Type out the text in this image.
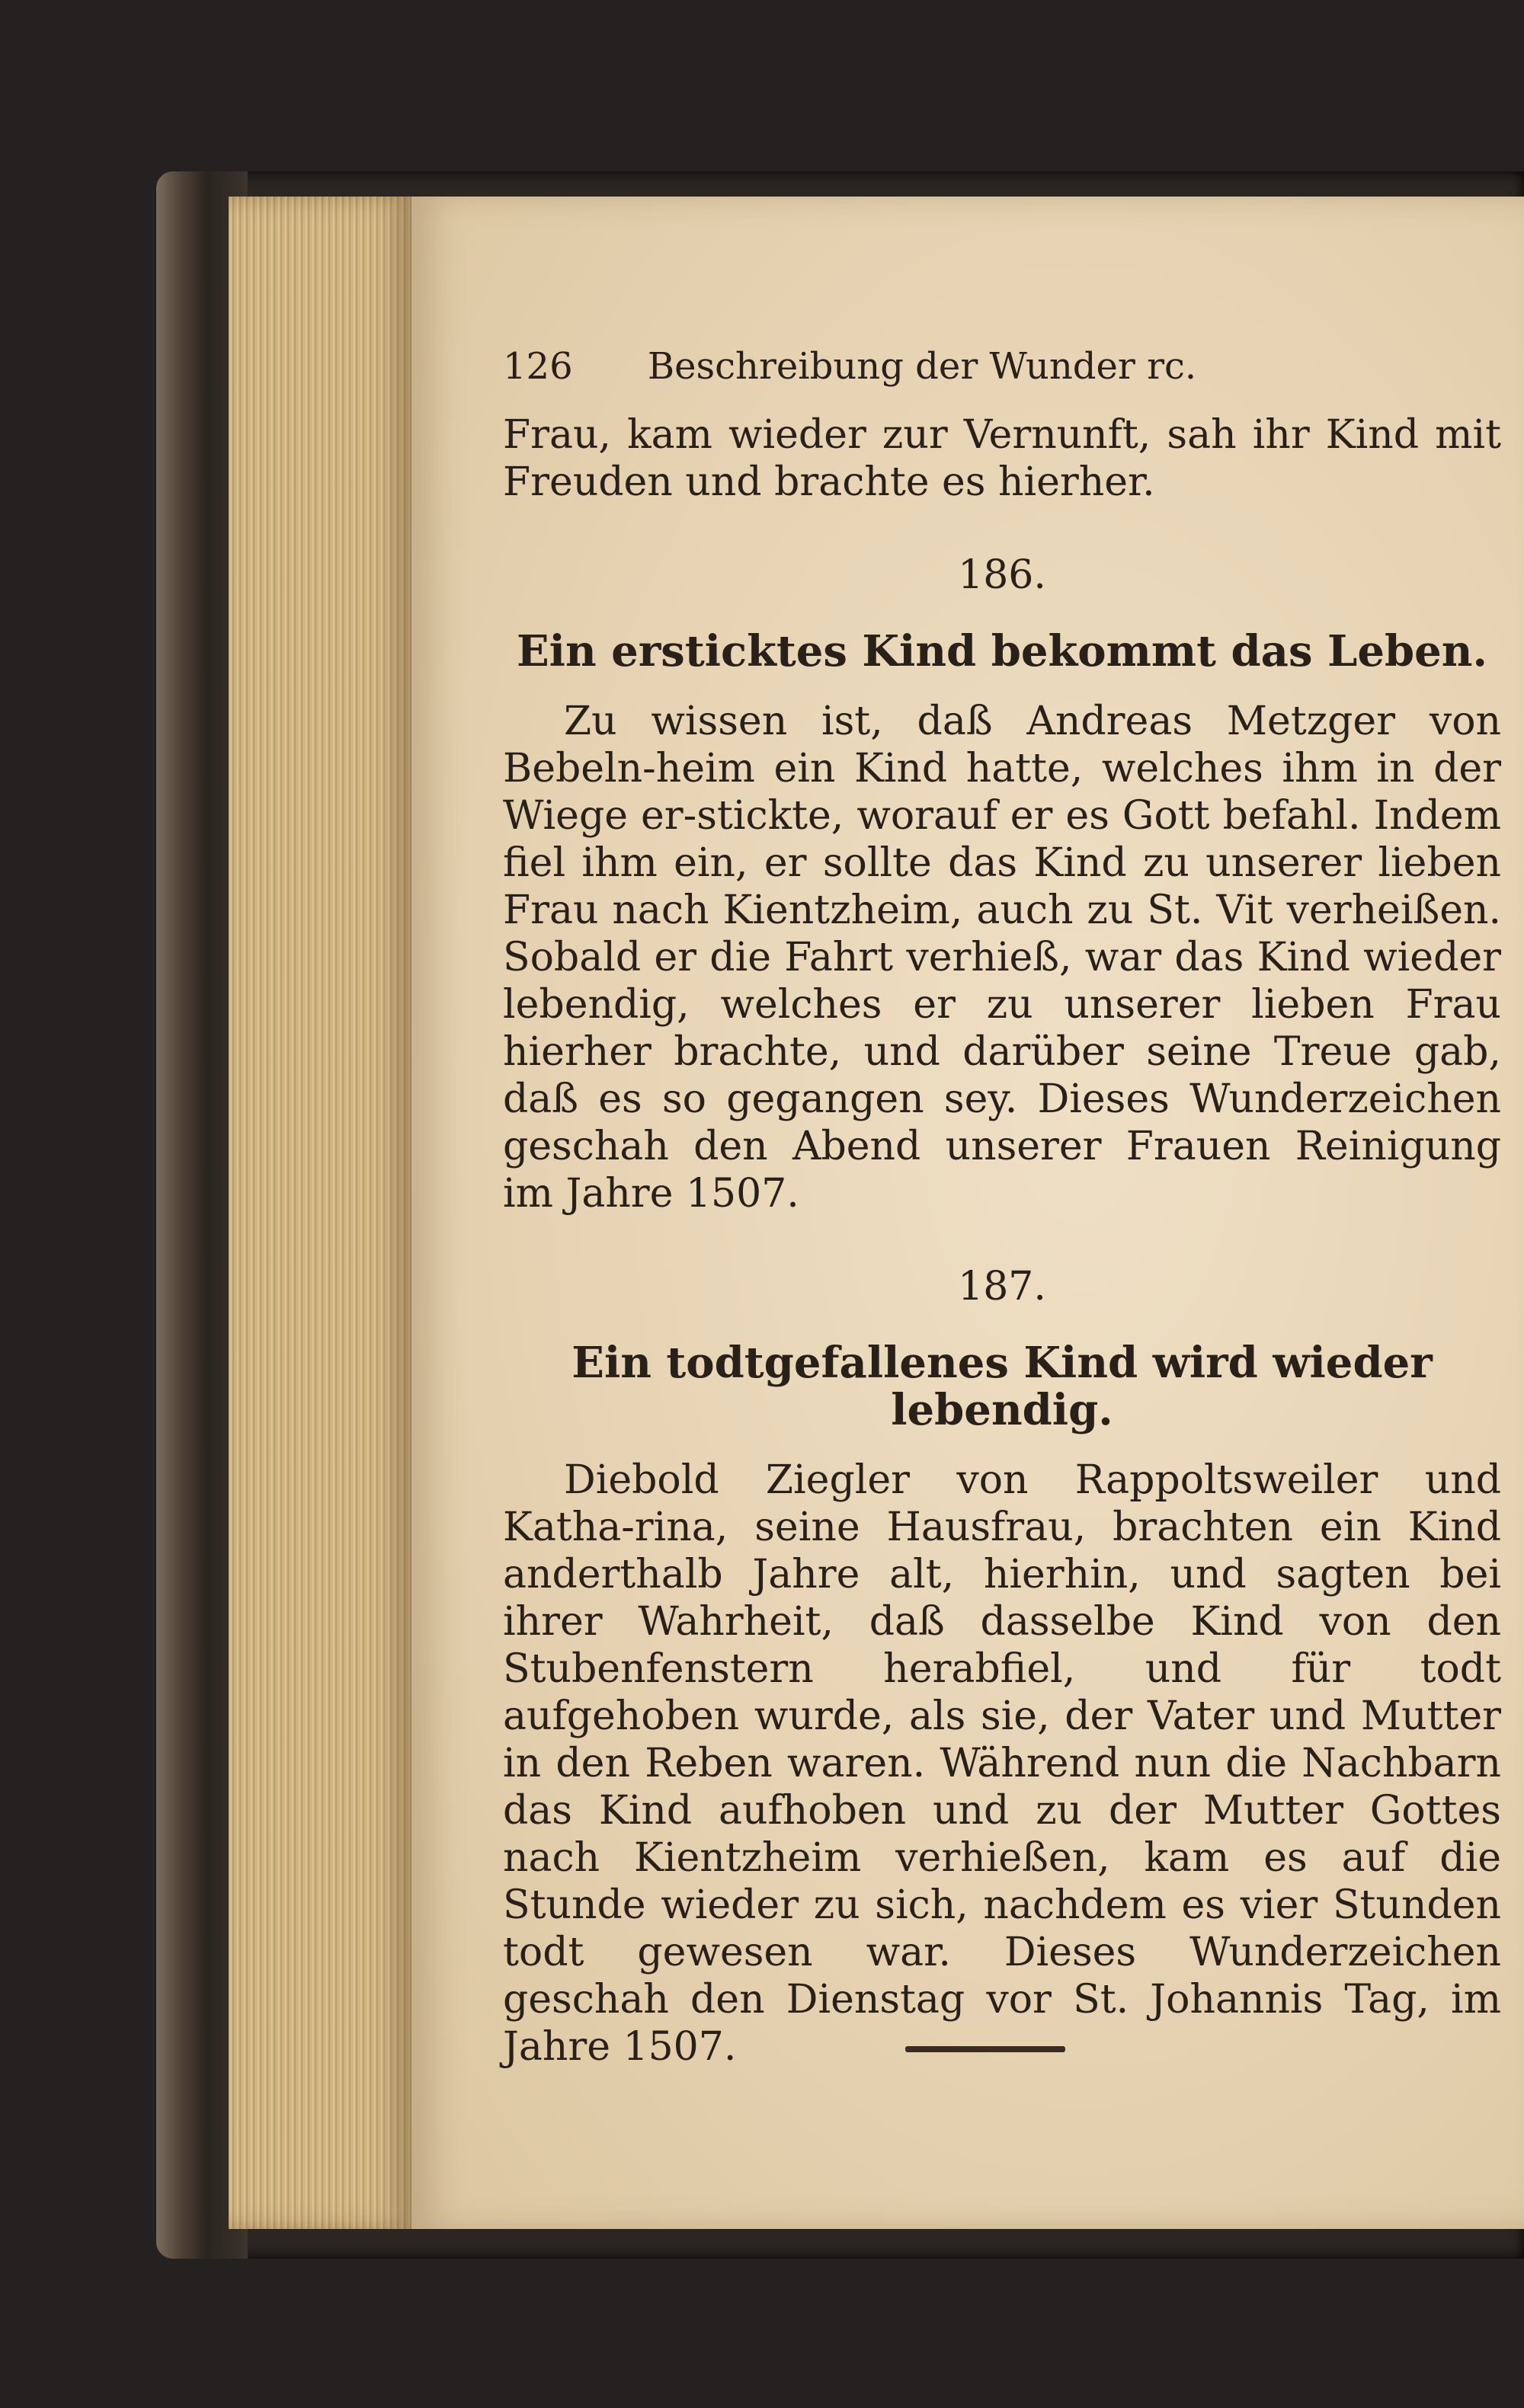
126	Beschreibung der Wunder rc.

Frau, kam wieder zur Vernunft, sah ihr Kind mit Freuden und brachte es hierher.

186.
Ein ersticktes Kind bekommt das Leben.

Zu wissen ist, daß Andreas Metzger von Bebeln-heim ein Kind hatte, welches ihm in der Wiege er-stickte, worauf er es Gott befahl. Indem fiel ihm ein, er sollte das Kind zu unserer lieben Frau nach Kientzheim, auch zu St. Vit verheißen. Sobald er die Fahrt verhieß, war das Kind wieder lebendig, welches er zu unserer lieben Frau hierher brachte, und darüber seine Treue gab, daß es so gegangen sey. Dieses Wunderzeichen geschah den Abend unserer Frauen Reinigung im Jahre 1507.

187.
Ein todtgefallenes Kind wird wieder lebendig.

Diebold Ziegler von Rappoltsweiler und Katha-rina, seine Hausfrau, brachten ein Kind anderthalb Jahre alt, hierhin, und sagten bei ihrer Wahrheit, daß dasselbe Kind von den Stubenfenstern herabfiel, und für todt aufgehoben wurde, als sie, der Vater und Mutter in den Reben waren. Während nun die Nachbarn das Kind aufhoben und zu der Mutter Gottes nach Kientzheim verhießen, kam es auf die Stunde wieder zu sich, nachdem es vier Stunden todt gewesen war. Dieses Wunderzeichen geschah den Dienstag vor St. Johannis Tag, im Jahre 1507.
